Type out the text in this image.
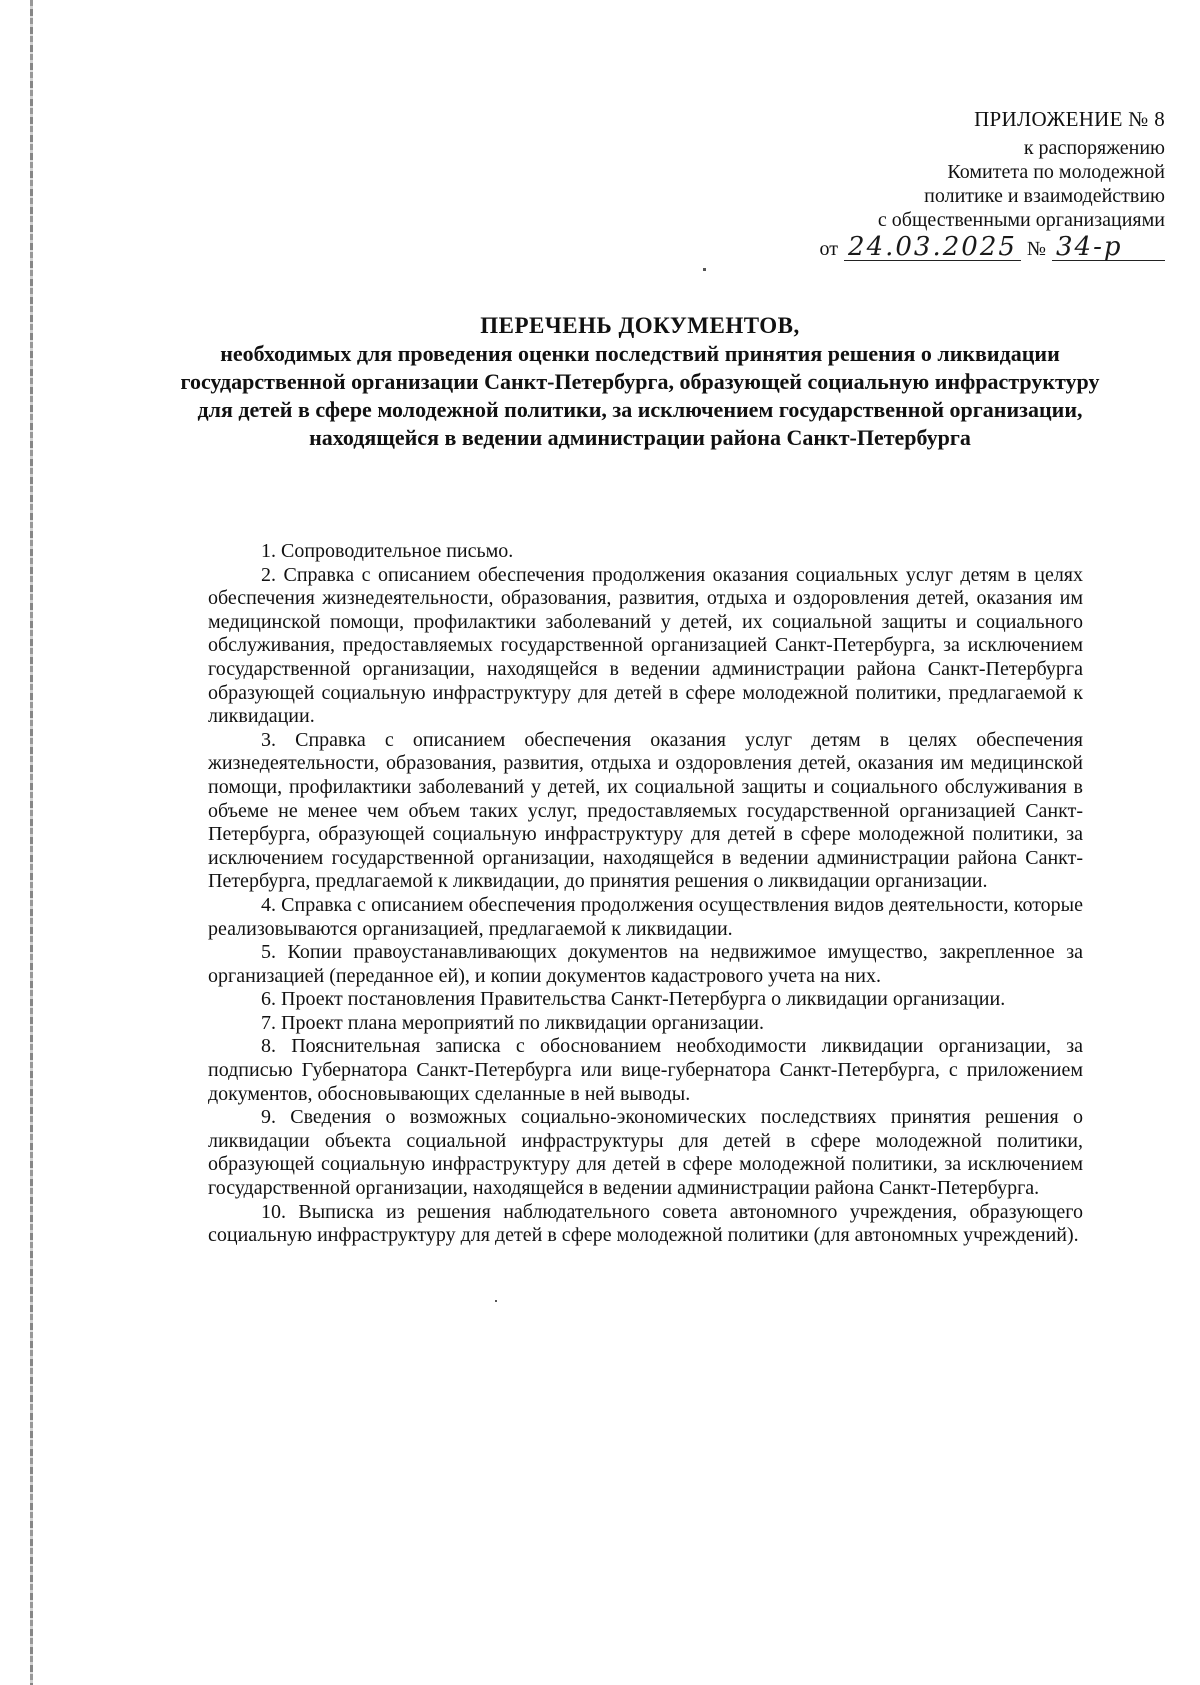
ПРИЛОЖЕНИЕ № 8
к распоряжению
Комитета по молодежной
политике и взаимодействию
с общественными организациями
от 24.03.2025 № 34-р
ПЕРЕЧЕНЬ ДОКУМЕНТОВ,
необходимых для проведения оценки последствий принятия решения о ликвидации государственной организации Санкт-Петербурга, образующей социальную инфраструктуру для детей в сфере молодежной политики, за исключением государственной организации, находящейся в ведении администрации района Санкт-Петербурга

1. Сопроводительное письмо.

2. Справка с описанием обеспечения продолжения оказания социальных услуг детям в целях обеспечения жизнедеятельности, образования, развития, отдыха и оздоровления детей, оказания им медицинской помощи, профилактики заболеваний у детей, их социальной защиты и социального обслуживания, предоставляемых государственной организацией Санкт-Петербурга, за исключением государственной организации, находящейся в ведении администрации района Санкт-Петербурга образующей социальную инфраструктуру для детей в сфере молодежной политики, предлагаемой к ликвидации.

3. Справка с описанием обеспечения оказания услуг детям в целях обеспечения жизнедеятельности, образования, развития, отдыха и оздоровления детей, оказания им медицинской помощи, профилактики заболеваний у детей, их социальной защиты и социального обслуживания в объеме не менее чем объем таких услуг, предоставляемых государственной организацией Санкт-Петербурга, образующей социальную инфраструктуру для детей в сфере молодежной политики, за исключением государственной организации, находящейся в ведении администрации района Санкт-Петербурга, предлагаемой к ликвидации, до принятия решения о ликвидации организации.

4. Справка с описанием обеспечения продолжения осуществления видов деятельности, которые реализовываются организацией, предлагаемой к ликвидации.

5. Копии правоустанавливающих документов на недвижимое имущество, закрепленное за организацией (переданное ей), и копии документов кадастрового учета на них.

6. Проект постановления Правительства Санкт-Петербурга о ликвидации организации.

7. Проект плана мероприятий по ликвидации организации.

8. Пояснительная записка с обоснованием необходимости ликвидации организации, за подписью Губернатора Санкт-Петербурга или вице-губернатора Санкт-Петербурга, с приложением документов, обосновывающих сделанные в ней выводы.

9. Сведения о возможных социально-экономических последствиях принятия решения о ликвидации объекта социальной инфраструктуры для детей в сфере молодежной политики, образующей социальную инфраструктуру для детей в сфере молодежной политики, за исключением государственной организации, находящейся в ведении администрации района Санкт-Петербурга.

10. Выписка из решения наблюдательного совета автономного учреждения, образующего социальную инфраструктуру для детей в сфере молодежной политики (для автономных учреждений).
